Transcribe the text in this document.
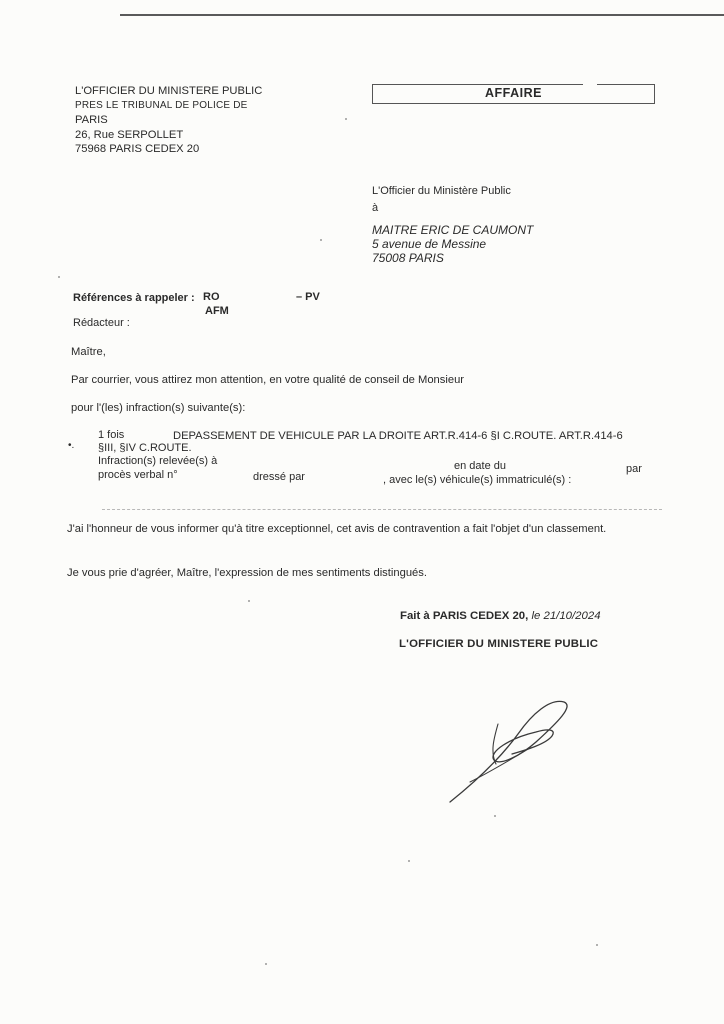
L'OFFICIER DU MINISTERE PUBLIC
PRES LE TRIBUNAL DE POLICE DE
PARIS
26, Rue SERPOLLET
75968 PARIS CEDEX 20
AFFAIRE
L'Officier du Ministère Public
à
MAITRE ERIC DE CAUMONT
5 avenue de Messine
75008 PARIS
Références à rappeler : RO	– PV
AFM
Rédacteur :
Maître,
Par courrier, vous attirez mon attention, en votre qualité de conseil de Monsieur
pour l'(les) infraction(s) suivante(s):
•.
1 fois	DEPASSEMENT DE VEHICULE PAR LA DROITE ART.R.414-6 §I C.ROUTE. ART.R.414-6
§III, §IV C.ROUTE.
Infraction(s) relevée(s) à	en date du	par
procès verbal n°	dressé par	, avec le(s) véhicule(s) immatriculé(s) :
J'ai l'honneur de vous informer qu'à titre exceptionnel, cet avis de contravention a fait l'objet d'un classement.
Je vous prie d'agréer, Maître, l'expression de mes sentiments distingués.
Fait à PARIS CEDEX 20, le 21/10/2024
L'OFFICIER DU MINISTERE PUBLIC
